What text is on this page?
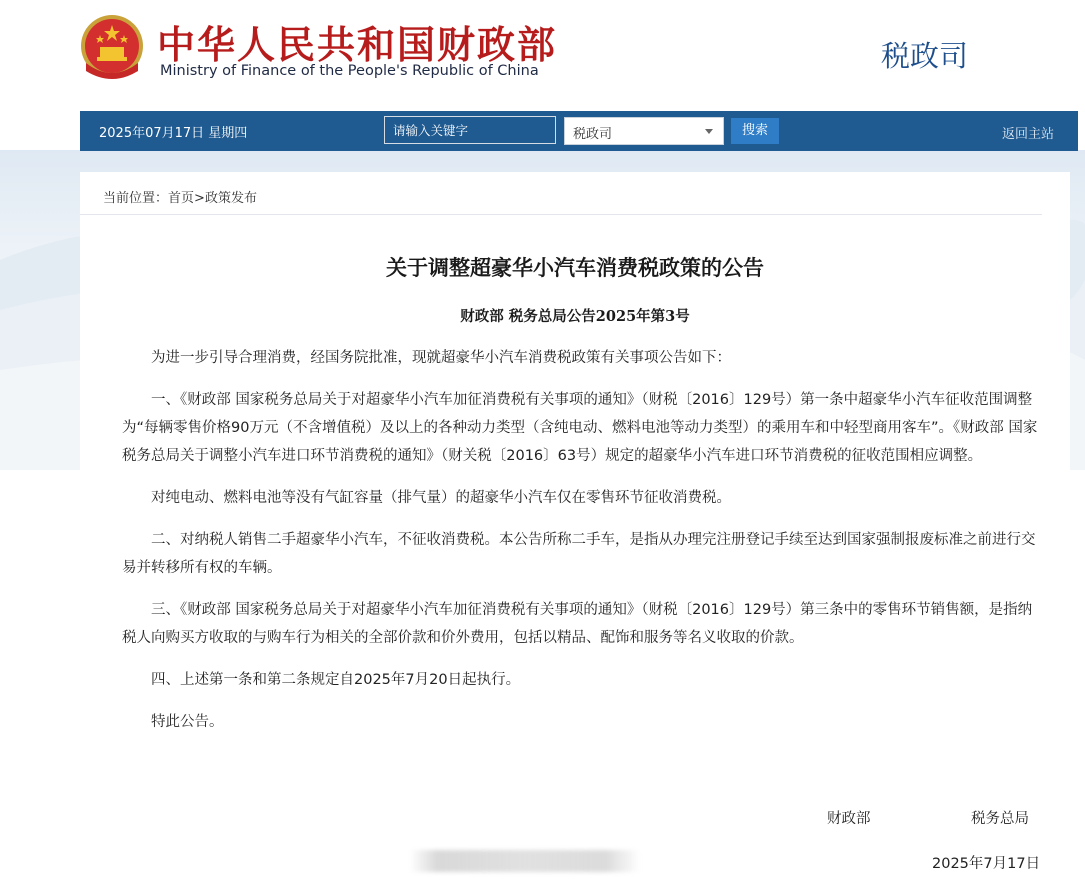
中华人民共和国财政部
Ministry of Finance of the People's Republic of China	税政司
2025年07月17日 星期四
请输入关键字	税政司	搜索	返回主站
当前位置：首页>政策发布
关于调整超豪华小汽车消费税政策的公告
财政部 税务总局公告2025年第3号

为进一步引导合理消费，经国务院批准，现就超豪华小汽车消费税政策有关事项公告如下：

一、《财政部 国家税务总局关于对超豪华小汽车加征消费税有关事项的通知》（财税〔2016〕129号）第一条中超豪华小汽车征收范围调整为“每辆零售价格90万元（不含增值税）及以上的各种动力类型（含纯电动、燃料电池等动力类型）的乘用车和中轻型商用客车”。《财政部 国家税务总局关于调整小汽车进口环节消费税的通知》（财关税〔2016〕63号）规定的超豪华小汽车进口环节消费税的征收范围相应调整。

对纯电动、燃料电池等没有气缸容量（排气量）的超豪华小汽车仅在零售环节征收消费税。

二、对纳税人销售二手超豪华小汽车，不征收消费税。本公告所称二手车，是指从办理完注册登记手续至达到国家强制报废标准之前进行交易并转移所有权的车辆。

三、《财政部 国家税务总局关于对超豪华小汽车加征消费税有关事项的通知》（财税〔2016〕129号）第三条中的零售环节销售额，是指纳税人向购买方收取的与购车行为相关的全部价款和价外费用，包括以精品、配饰和服务等名义收取的价款。

四、上述第一条和第二条规定自2025年7月20日起执行。

特此公告。

财政部	税务总局
2025年7月17日
